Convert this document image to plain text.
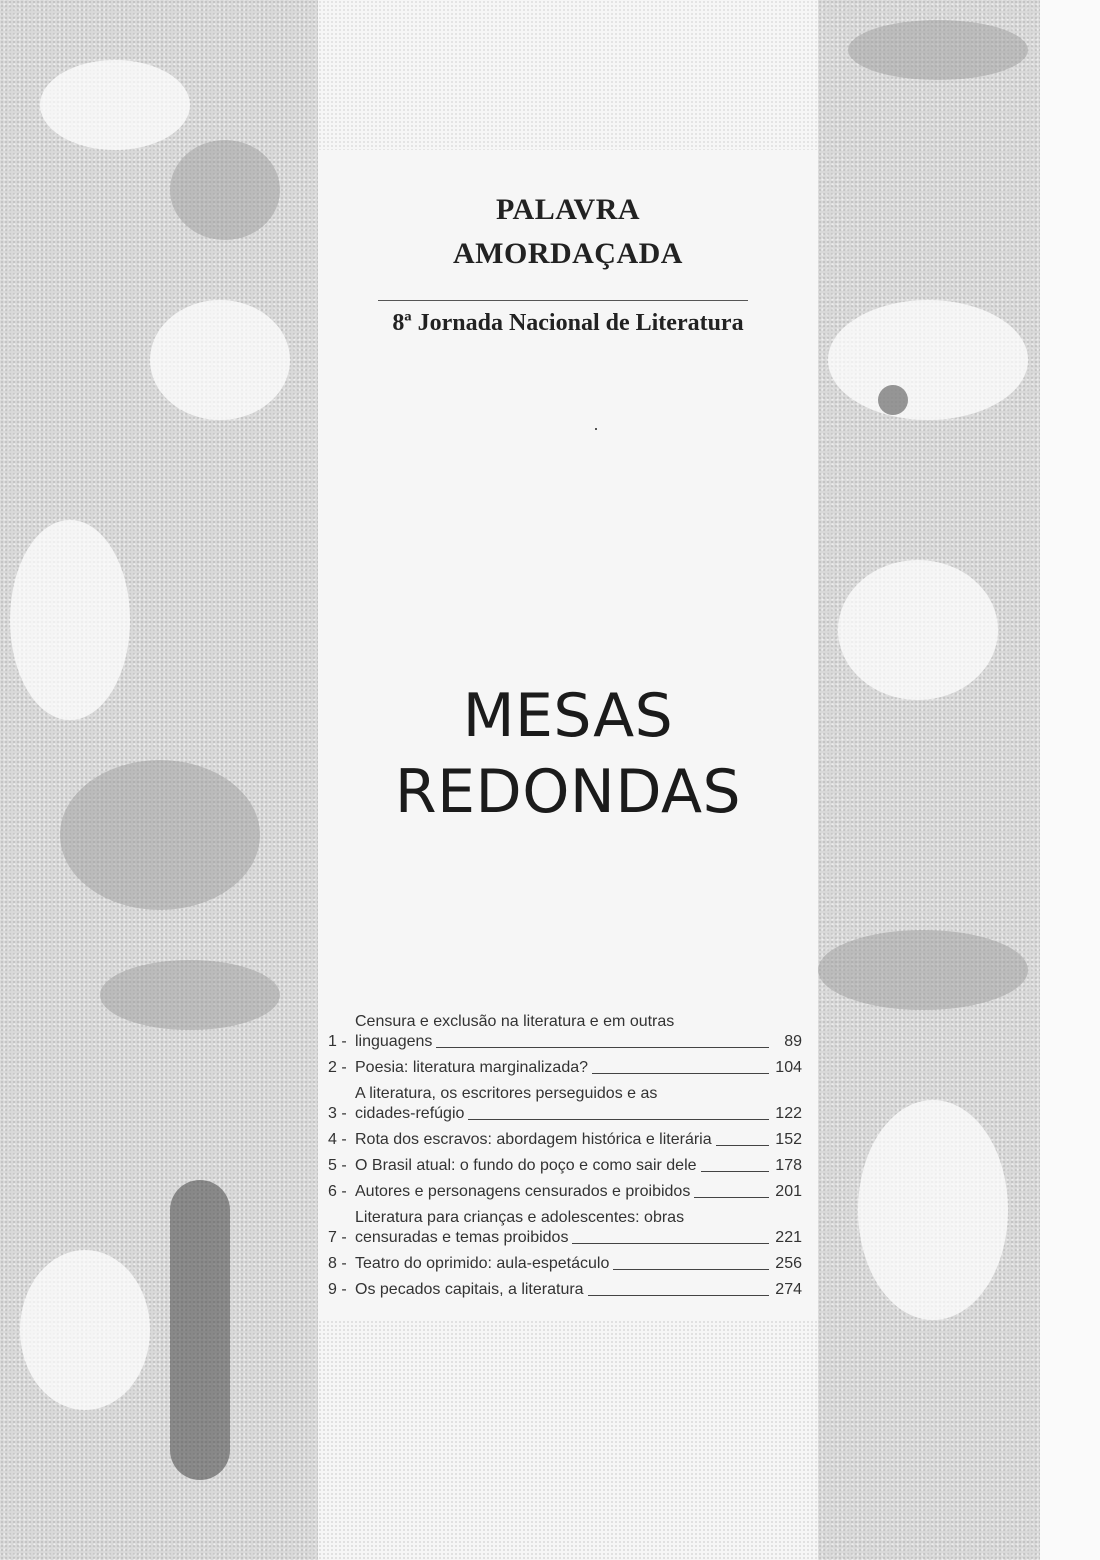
PALAVRA
AMORDAÇADA
8ª Jornada Nacional de Literatura
MESAS
REDONDAS
1 -
Censura e exclusão na literatura e em outras
linguagens	89
2 - Poesia: literatura marginalizada?	104
3 -
A literatura, os escritores perseguidos e as
cidades-refúgio	122
4 - Rota dos escravos: abordagem histórica e literária	152
5 - O Brasil atual: o fundo do poço e como sair dele	178
6 - Autores e personagens censurados e proibidos	201
7 -
Literatura para crianças e adolescentes: obras
censuradas e temas proibidos	221
8 - Teatro do oprimido: aula-espetáculo	256
9 - Os pecados capitais, a literatura	274
